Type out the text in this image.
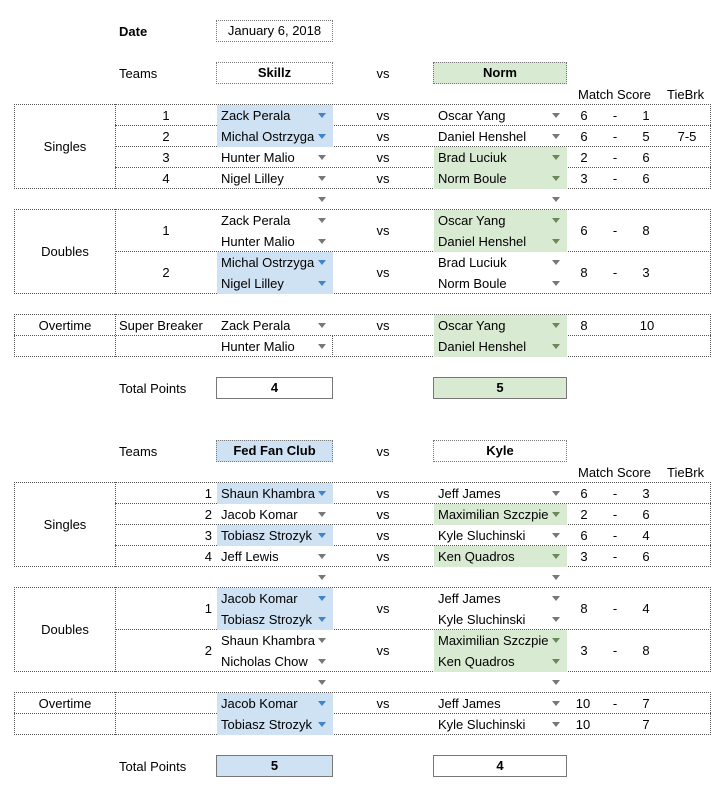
Date	January 6, 2018
Teams	Skillz	vs	Norm
Match Score TieBrk
Singles
1	Zack Perala	vs	Oscar Yang	6	-	1
2	Michal Ostrzyga	vs	Daniel Henshel	6	-	5	7-5
3	Hunter Malio	vs	Brad Luciuk	2	-	6
4	Nigel Lilley	vs	Norm Boule	3	-	6
Doubles
1
Zack Perala
Hunter Malio
vs
Oscar Yang
Daniel Henshel
6	-	8
2
Michal Ostrzyga
Nigel Lilley
vs
Brad Luciuk
Norm Boule
8	-	3
Overtime	Super Breaker	Zack Perala	vs	Oscar Yang	8	10
Hunter Malio	Daniel Henshel
Total Points	4	5
Teams	Fed Fan Club	vs	Kyle
Match Score TieBrk
Singles
1 Shaun Khambra	vs	Jeff James	6	-	3
2 Jacob Komar	vs	Maximilian Szczpie	2	-	6
3 Tobiasz Strozyk	vs	Kyle Sluchinski	6	-	4
4 Jeff Lewis	vs	Ken Quadros	3	-	6
Doubles
1
Jacob Komar
Tobiasz Strozyk
vs
Jeff James
Kyle Sluchinski
8	-	4
2
Shaun Khambra
Nicholas Chow
vs
Maximilian Szczpie
Ken Quadros
3	-	8
Overtime	Jacob Komar	vs	Jeff James	10	-	7
Tobiasz Strozyk	Kyle Sluchinski	10	7
Total Points	5	4
